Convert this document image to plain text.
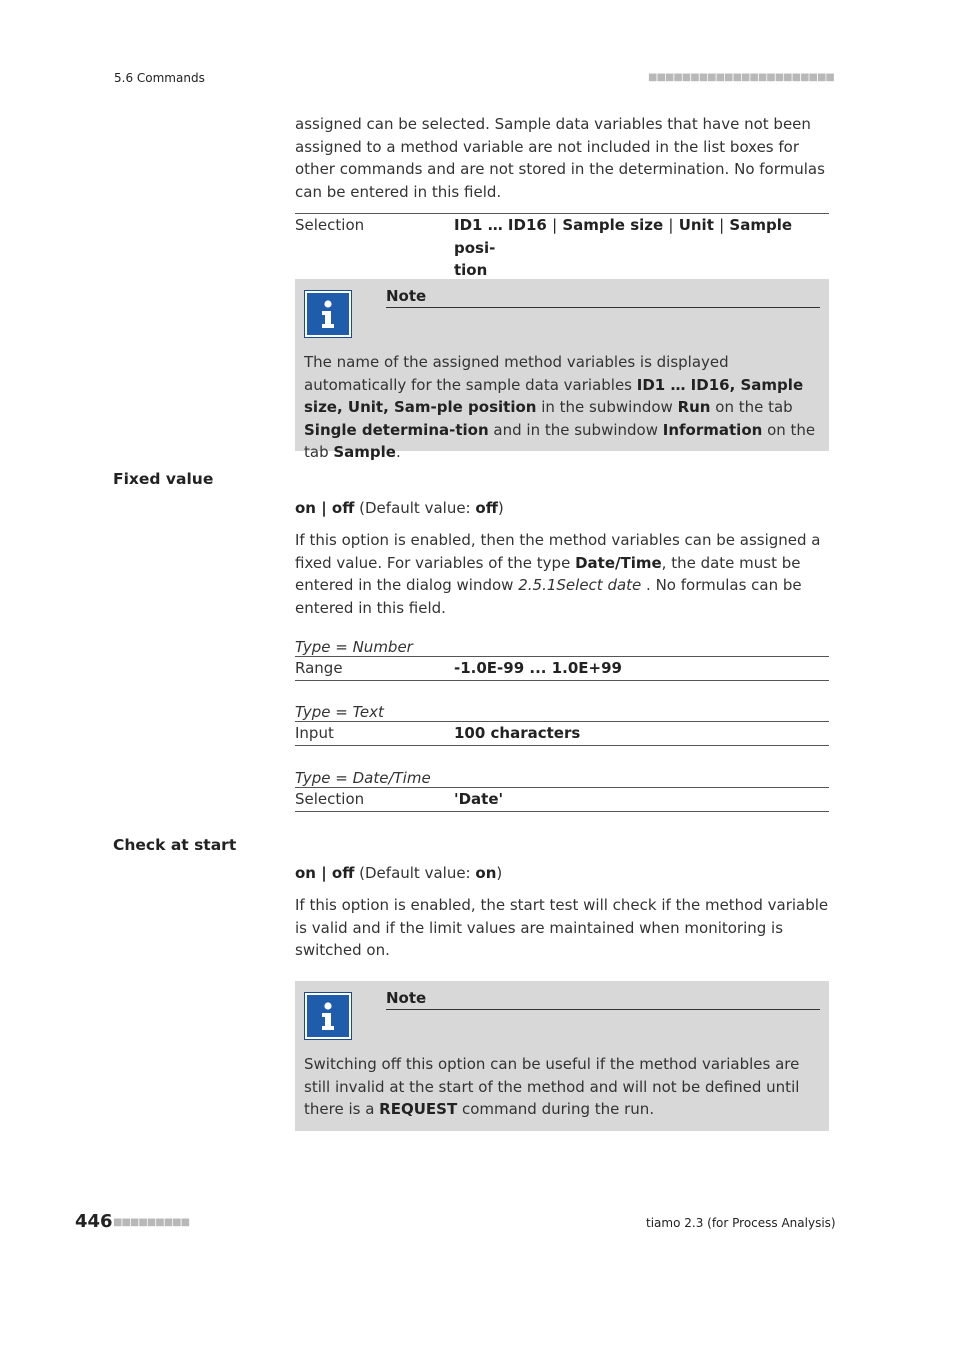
5.6 Commands	■■■■■■■■■■■■■■■■■■■■■■
assigned can be selected. Sample data variables that have not been assigned to a method variable are not included in the list boxes for other commands and are not stored in the determination. No formulas can be entered in this field.
Selection	ID1 … ID16 | Sample size | Unit | Sample posi-
tion
Note
The name of the assigned method variables is displayed automatically for the sample data variables ID1 … ID16, Sample size, Unit, Sam-ple position in the subwindow Run on the tab Single determina-tion and in the subwindow Information on the tab Sample.
Fixed value
on | off (Default value: off)
If this option is enabled, then the method variables can be assigned a fixed value. For variables of the type Date/Time, the date must be entered in the dialog window 2.5.1Select date . No formulas can be entered in this field.
Type = Number
Range	-1.0E-99 ... 1.0E+99
Type = Text
Input	100 characters
Type = Date/Time
Selection	'Date'
Check at start
on | off (Default value: on)
If this option is enabled, the start test will check if the method variable is valid and if the limit values are maintained when monitoring is switched on.
Note
Switching off this option can be useful if the method variables are still invalid at the start of the method and will not be defined until there is a REQUEST command during the run.
446 ■■■■■■■■■	tiamo 2.3 (for Process Analysis)
